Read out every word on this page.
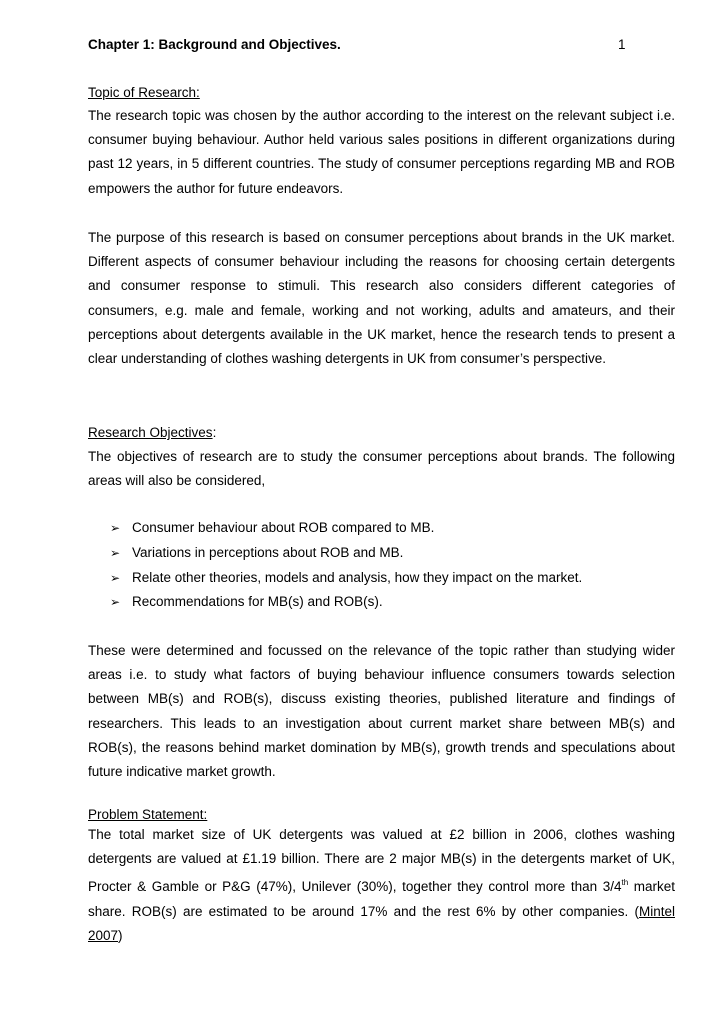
Chapter 1: Background and Objectives.	1
Topic of Research:
The research topic was chosen by the author according to the interest on the relevant subject i.e. consumer buying behaviour. Author held various sales positions in different organizations during past 12 years, in 5 different countries. The study of consumer perceptions regarding MB and ROB empowers the author for future endeavors.
The purpose of this research is based on consumer perceptions about brands in the UK market. Different aspects of consumer behaviour including the reasons for choosing certain detergents and consumer response to stimuli. This research also considers different categories of consumers, e.g. male and female, working and not working, adults and amateurs, and their perceptions about detergents available in the UK market, hence the research tends to present a clear understanding of clothes washing detergents in UK from consumer’s perspective.
Research Objectives:
The objectives of research are to study the consumer perceptions about brands. The following areas will also be considered,
➢ Consumer behaviour about ROB compared to MB.
➢ Variations in perceptions about ROB and MB.
➢ Relate other theories, models and analysis, how they impact on the market.
➢ Recommendations for MB(s) and ROB(s).
These were determined and focussed on the relevance of the topic rather than studying wider areas i.e. to study what factors of buying behaviour influence consumers towards selection between MB(s) and ROB(s), discuss existing theories, published literature and findings of researchers. This leads to an investigation about current market share between MB(s) and ROB(s), the reasons behind market domination by MB(s), growth trends and speculations about future indicative market growth.
Problem Statement:
The total market size of UK detergents was valued at £2 billion in 2006, clothes washing detergents are valued at £1.19 billion. There are 2 major MB(s) in the detergents market of UK, Procter & Gamble or P&G (47%), Unilever (30%), together they control more than 3/4th market share. ROB(s) are estimated to be around 17% and the rest 6% by other companies. (Mintel 2007)
